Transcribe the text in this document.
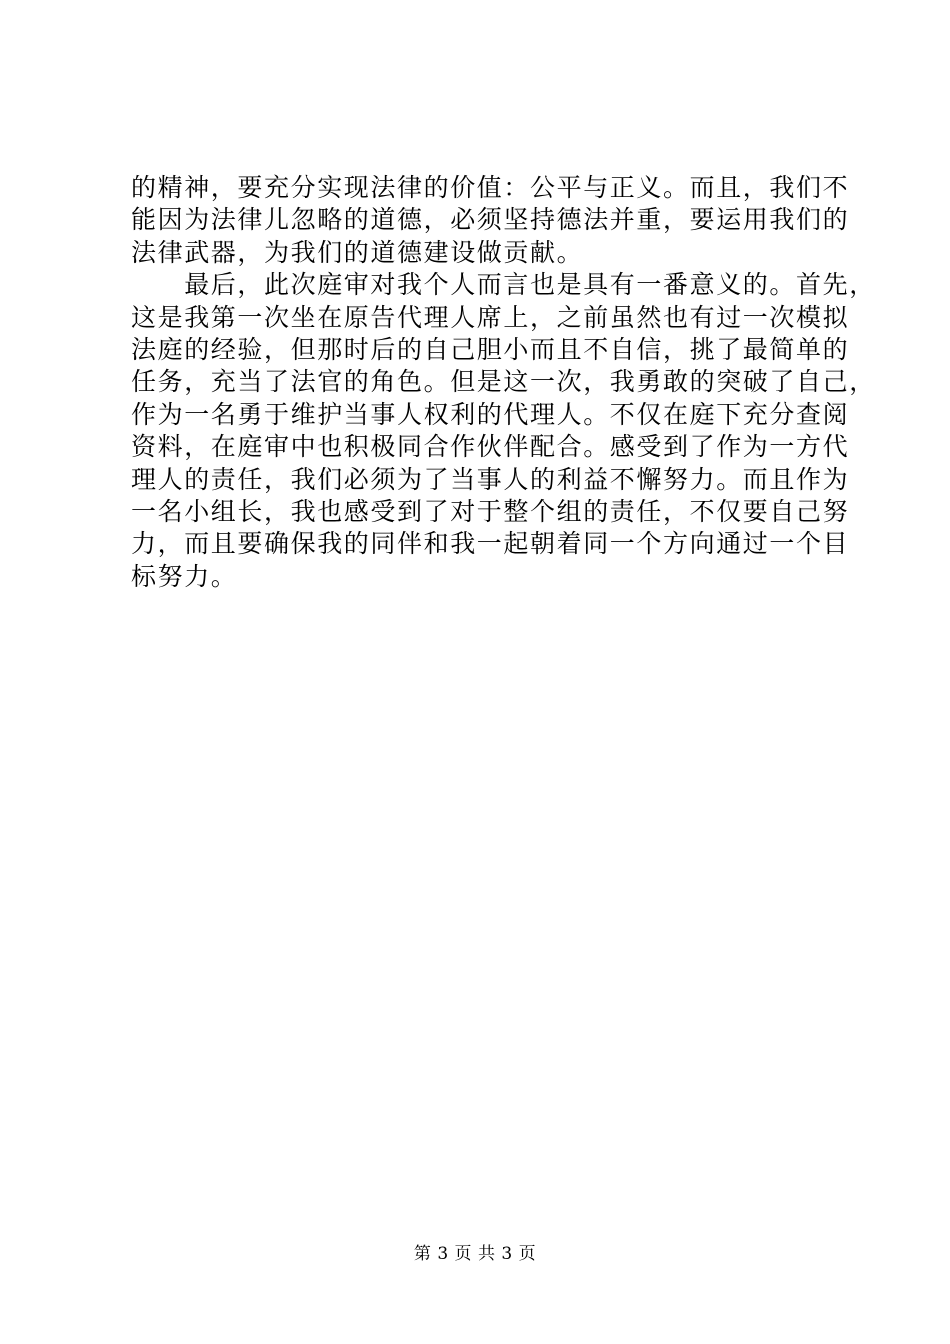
的精神，要充分实现法律的价值：公平与正义。而且，我们不
能因为法律儿忽略的道德，必须坚持德法并重，要运用我们的
法律武器，为我们的道德建设做贡献。
　　最后，此次庭审对我个人而言也是具有一番意义的。首先，
这是我第一次坐在原告代理人席上，之前虽然也有过一次模拟
法庭的经验，但那时后的自己胆小而且不自信，挑了最简单的
任务，充当了法官的角色。但是这一次，我勇敢的突破了自己，
作为一名勇于维护当事人权利的代理人。不仅在庭下充分查阅
资料，在庭审中也积极同合作伙伴配合。感受到了作为一方代
理人的责任，我们必须为了当事人的利益不懈努力。而且作为
一名小组长，我也感受到了对于整个组的责任，不仅要自己努
力，而且要确保我的同伴和我一起朝着同一个方向通过一个目
标努力。
第 3 页 共 3 页
